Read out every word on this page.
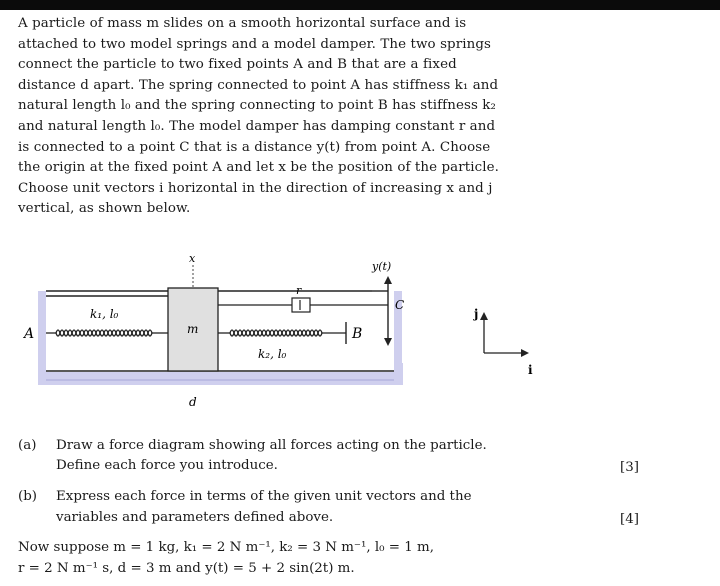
A particle of mass m slides on a smooth horizontal surface and is
attached to two model springs and a model damper. The two springs
connect the particle to two fixed points A and B that are a fixed
distance d apart. The spring connected to point A has stiffness k₁ and
natural length l₀ and the spring connecting to point B has stiffness k₂
and natural length l₀. The model damper has damping constant r and
is connected to a point C that is a distance y(t) from point A. Choose
the origin at the fixed point A and let x be the position of the particle.
Choose unit vectors i horizontal in the direction of increasing x and j
vertical, as shown below.
A	B
C
m
x
r
y(t)
d
k₁, l₀
k₂, l₀
i
j
(a) Draw a force diagram showing all forces acting on the particle.
Define each force you introduce.	[3]
(b) Express each force in terms of the given unit vectors and the
variables and parameters defined above.	[4]
Now suppose m = 1 kg, k₁ = 2 N m⁻¹, k₂ = 3 N m⁻¹, l₀ = 1 m,
r = 2 N m⁻¹ s, d = 3 m and y(t) = 5 + 2 sin(2t) m.
